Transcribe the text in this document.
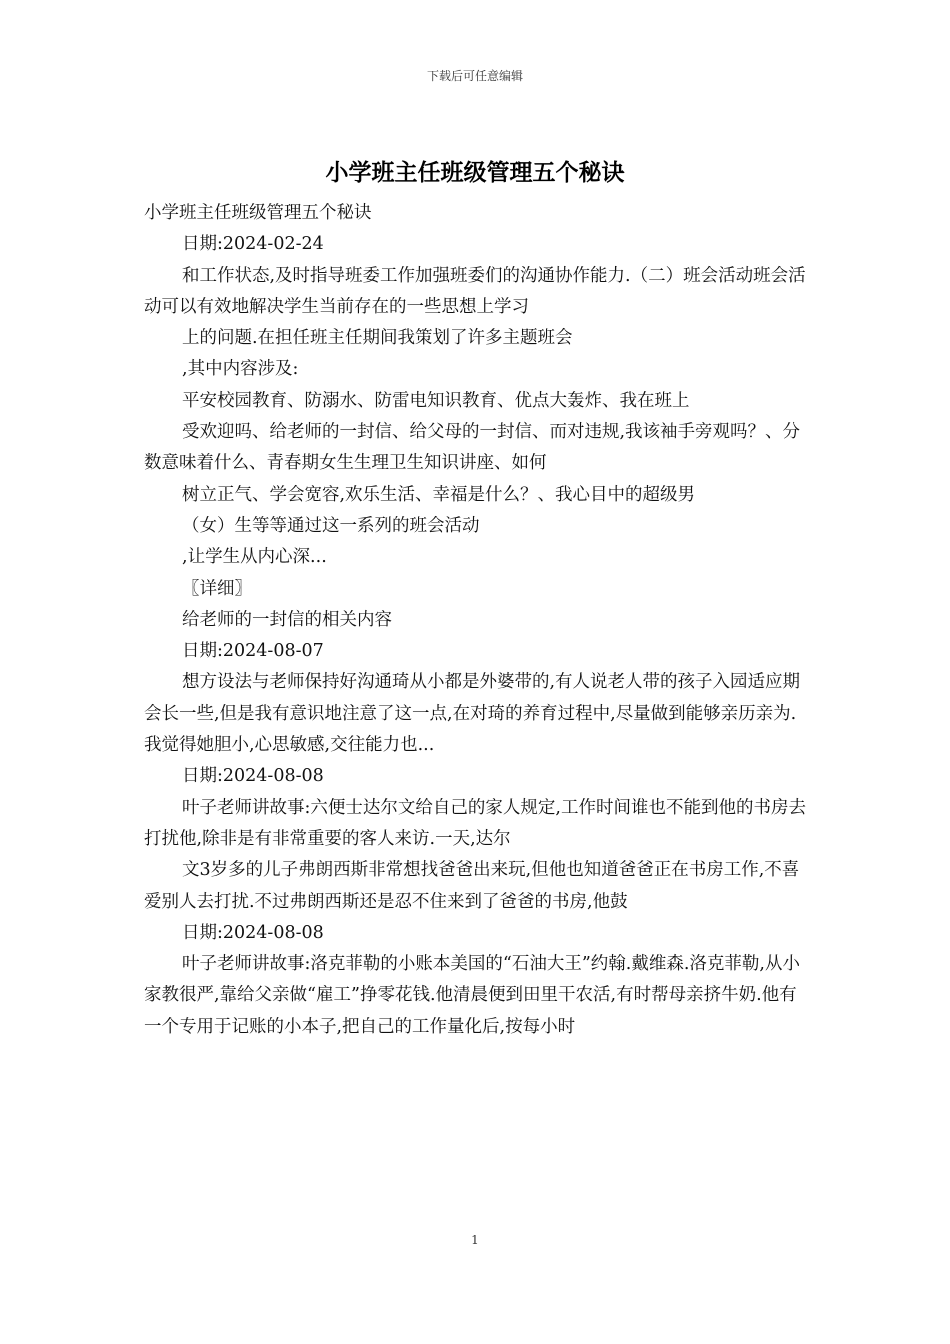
下载后可任意编辑
小学班主任班级管理五个秘诀

小学班主任班级管理五个秘诀

日期:2024-02-24

和工作状态,及时指导班委工作加强班委们的沟通协作能力.（二）班会活动班会活动可以有效地解决学生当前存在的一些思想上学习

上的问题.在担任班主任期间我策划了许多主题班会

,其中内容涉及:

平安校园教育、防溺水、防雷电知识教育、优点大轰炸、我在班上

受欢迎吗、给老师的一封信、给父母的一封信、而对违规,我该袖手旁观吗？、分数意味着什么、青春期女生生理卫生知识讲座、如何

树立正气、学会宽容,欢乐生活、幸福是什么？、我心目中的超级男

（女）生等等通过这一系列的班会活动

,让学生从内心深...

〖详细〗

给老师的一封信的相关内容

日期:2024-08-07

想方设法与老师保持好沟通琦从小都是外婆带的,有人说老人带的孩子入园适应期会长一些,但是我有意识地注意了这一点,在对琦的养育过程中,尽量做到能够亲历亲为.我觉得她胆小,心思敏感,交往能力也...

日期:2024-08-08

叶子老师讲故事:六便士达尔文给自己的家人规定,工作时间谁也不能到他的书房去打扰他,除非是有非常重要的客人来访.一天,达尔

文3岁多的儿子弗朗西斯非常想找爸爸出来玩,但他也知道爸爸正在书房工作,不喜爱别人去打扰.不过弗朗西斯还是忍不住来到了爸爸的书房,他鼓

日期:2024-08-08

叶子老师讲故事:洛克菲勒的小账本美国的“石油大王”约翰.戴维森.洛克菲勒,从小家教很严,靠给父亲做“雇工”挣零花钱.他清晨便到田里干农活,有时帮母亲挤牛奶.他有一个专用于记账的小本子,把自己的工作量化后,按每小时

1
